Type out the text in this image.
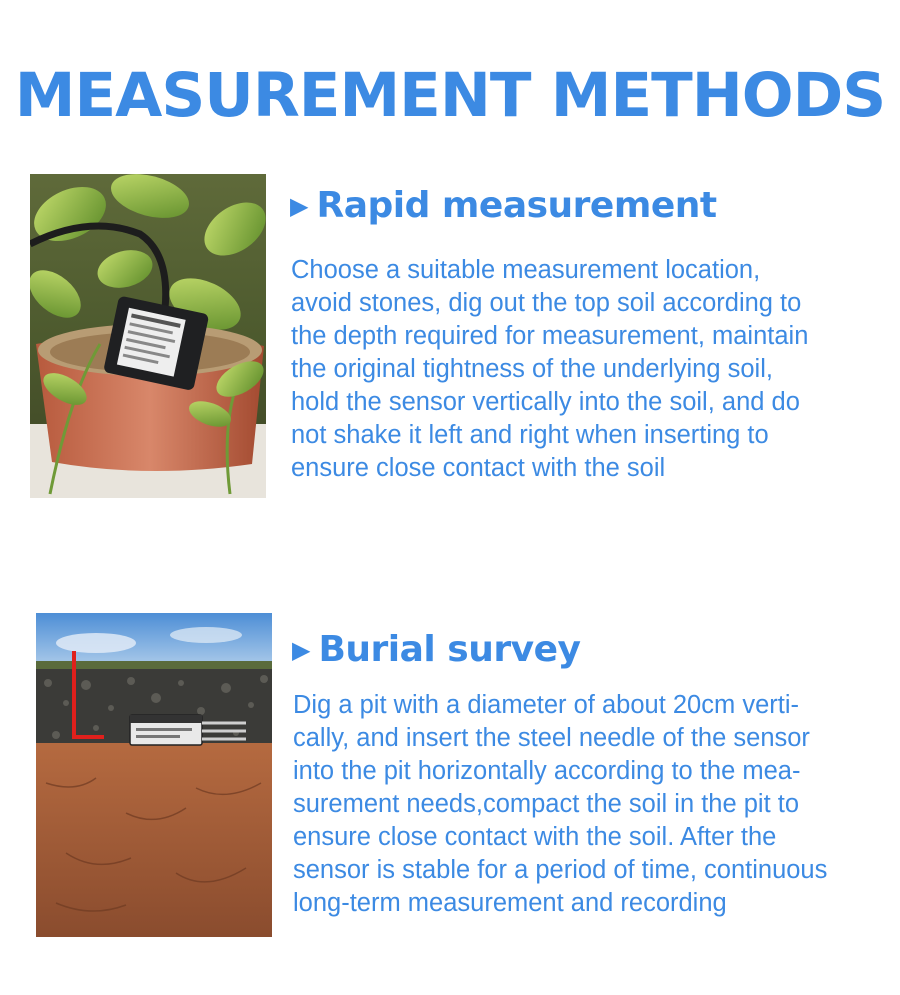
MEASUREMENT METHODS
▶ Rapid measurement

Choose a suitable measurement location,
avoid stones, dig out the top soil according to
the depth required for measurement, maintain
the original tightness of the underlying soil,
hold the sensor vertically into the soil, and do
not shake it left and right when inserting to
ensure close contact with the soil

▶ Burial survey

Dig a pit with a diameter of about 20cm verti-
cally, and insert the steel needle of the sensor
into the pit horizontally according to the mea-
surement needs,compact the soil in the pit to
ensure close contact with the soil. After the
sensor is stable for a period of time, continuous
long-term measurement and recording
